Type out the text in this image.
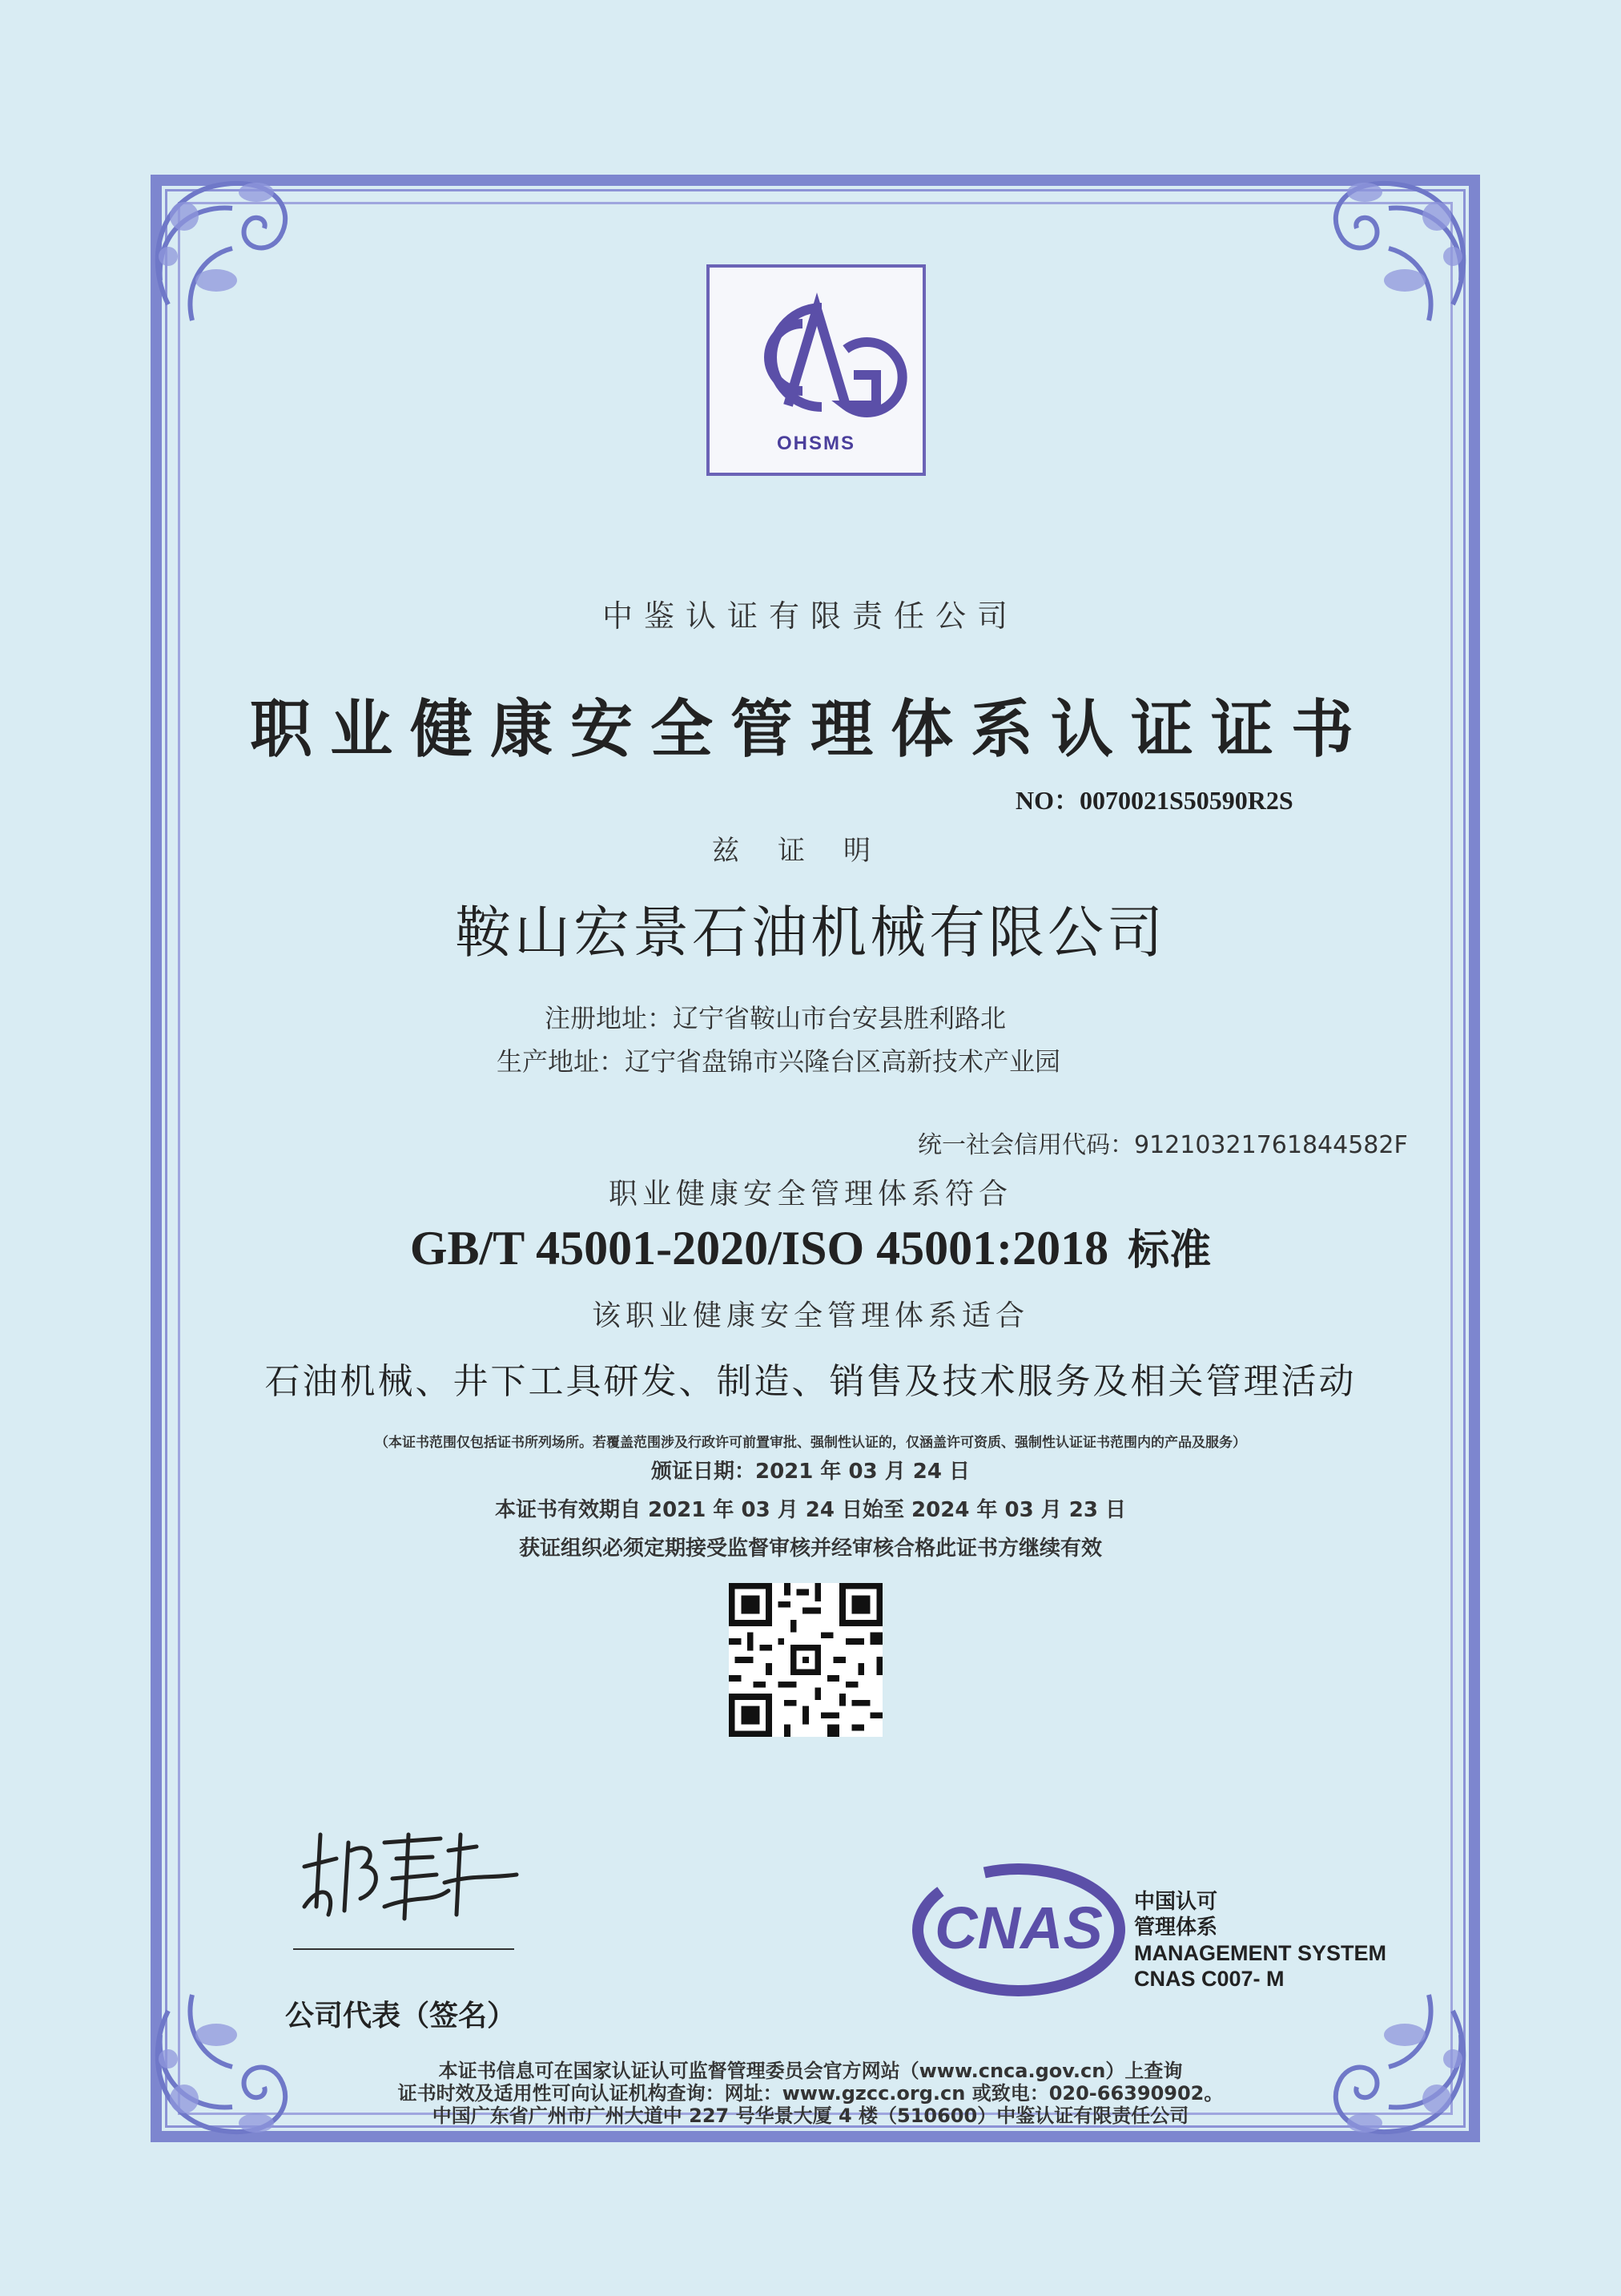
OHSMS
中鉴认证有限责任公司
职业健康安全管理体系认证证书
NO：0070021S50590R2S
兹证明
鞍山宏景石油机械有限公司
注册地址：辽宁省鞍山市台安县胜利路北
生产地址：辽宁省盘锦市兴隆台区高新技术产业园
统一社会信用代码：91210321761844582F
职业健康安全管理体系符合
GB/T 45001-2020/ISO 45001:2018 标准
该职业健康安全管理体系适合
石油机械、井下工具研发、制造、销售及技术服务及相关管理活动
（本证书范围仅包括证书所列场所。若覆盖范围涉及行政许可前置审批、强制性认证的，仅涵盖许可资质、强制性认证证书范围内的产品及服务）
颁证日期：2021 年 03 月 24 日
本证书有效期自 2021 年 03 月 24 日始至 2024 年 03 月 23 日
获证组织必须定期接受监督审核并经审核合格此证书方继续有效
公司代表（签名）
CNAS 中国认可
管理体系
MANAGEMENT SYSTEM
CNAS C007- M
本证书信息可在国家认证认可监督管理委员会官方网站（www.cnca.gov.cn）上查询
证书时效及适用性可向认证机构查询：网址：www.gzcc.org.cn 或致电：020-66390902。
中国广东省广州市广州大道中 227 号华景大厦 4 楼（510600）中鉴认证有限责任公司
